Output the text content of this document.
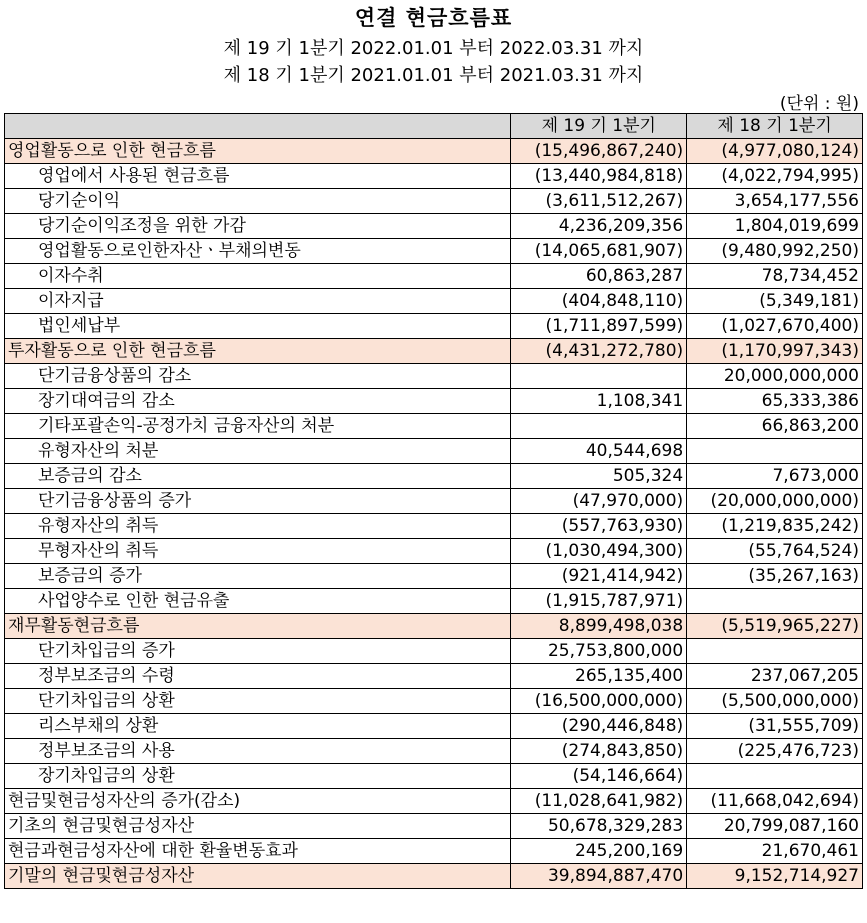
연결 현금흐름표
제 19 기 1분기 2022.01.01 부터 2022.03.31 까지
제 18 기 1분기 2021.01.01 부터 2021.03.31 까지
(단위 : 원)
	제 19 기 1분기	제 18 기 1분기
영업활동으로 인한 현금흐름	(15,496,867,240)	(4,977,080,124)
영업에서 사용된 현금흐름	(13,440,984,818)	(4,022,794,995)
당기순이익	(3,611,512,267)	3,654,177,556
당기순이익조정을 위한 가감	4,236,209,356	1,804,019,699
영업활동으로인한자산ㆍ부채의변동	(14,065,681,907)	(9,480,992,250)
이자수취	60,863,287	78,734,452
이자지급	(404,848,110)	(5,349,181)
법인세납부	(1,711,897,599)	(1,027,670,400)
투자활동으로 인한 현금흐름	(4,431,272,780)	(1,170,997,343)
단기금융상품의 감소		20,000,000,000
장기대여금의 감소	1,108,341	65,333,386
기타포괄손익-공정가치 금융자산의 처분		66,863,200
유형자산의 처분	40,544,698	
보증금의 감소	505,324	7,673,000
단기금융상품의 증가	(47,970,000)	(20,000,000,000)
유형자산의 취득	(557,763,930)	(1,219,835,242)
무형자산의 취득	(1,030,494,300)	(55,764,524)
보증금의 증가	(921,414,942)	(35,267,163)
사업양수로 인한 현금유출	(1,915,787,971)	
재무활동현금흐름	8,899,498,038	(5,519,965,227)
단기차입금의 증가	25,753,800,000	
정부보조금의 수령	265,135,400	237,067,205
단기차입금의 상환	(16,500,000,000)	(5,500,000,000)
리스부채의 상환	(290,446,848)	(31,555,709)
정부보조금의 사용	(274,843,850)	(225,476,723)
장기차입금의 상환	(54,146,664)	
현금및현금성자산의 증가(감소)	(11,028,641,982)	(11,668,042,694)
기초의 현금및현금성자산	50,678,329,283	20,799,087,160
현금과현금성자산에 대한 환율변동효과	245,200,169	21,670,461
기말의 현금및현금성자산	39,894,887,470	9,152,714,927
